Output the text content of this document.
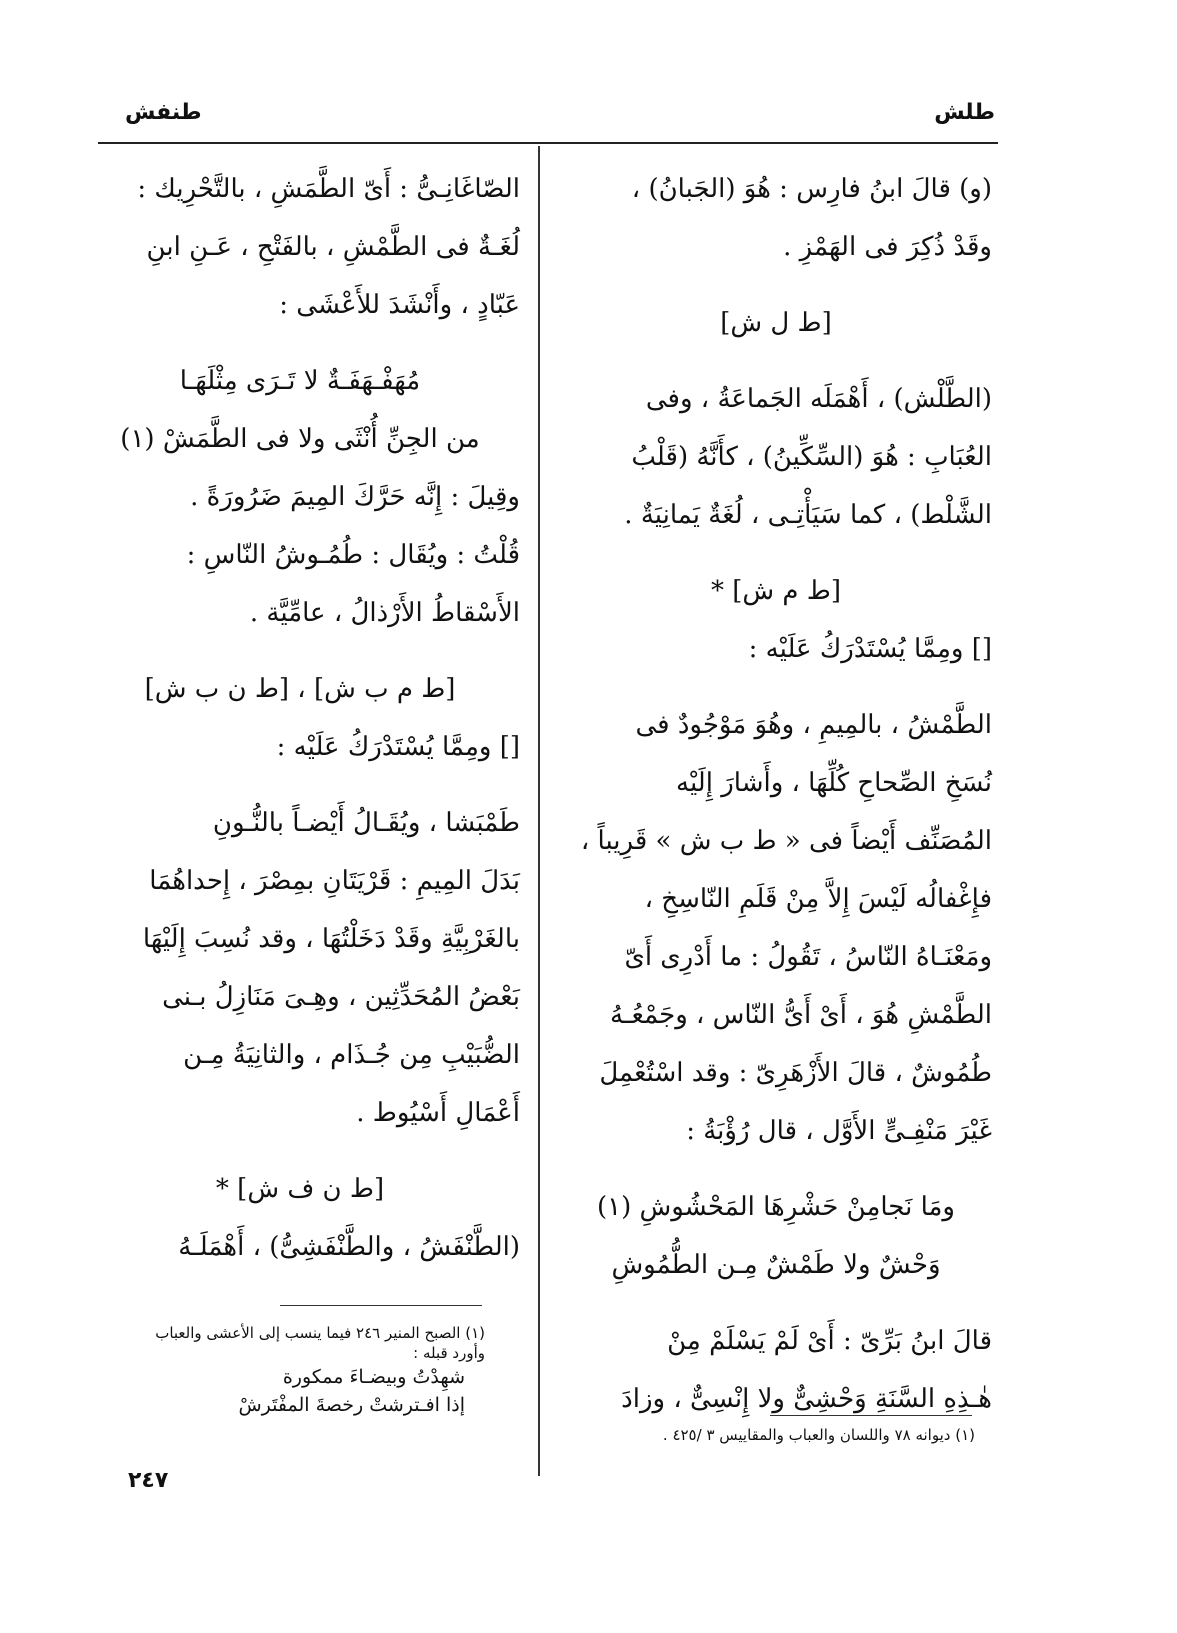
طنفش	طلش

(و) قالَ ابنُ فارِس : هُوَ (الجَبانُ) ،

وقَدْ ذُكِرَ فى الهَمْزِ .

[ط ل ش]

(الطَّلْش) ، أَهْمَلَه الجَماعَةُ ، وفى

العُبَابِ : هُوَ (السِّكِّينُ) ، كأَنَّهُ (قَلْبُ

الشَّلْط) ، كما سَيَأْتِـى ، لُغَةٌ يَمانِيَةٌ .

[ط م ش] *

[] ومِمَّا يُسْتَدْرَكُ عَلَيْه :

الطَّمْشُ ، بالمِيمِ ، وهُوَ مَوْجُودٌ فى

نُسَخِ الصِّحاحِ كُلِّهَا ، وأَشارَ إِلَيْه

المُصَنِّف أَيْضاً فى « ط ب ش » قَرِيباً ،

فإِغْفالُه لَيْسَ إِلاَّ مِنْ قَلَمِ النّاسِخِ ،

ومَعْنَـاهُ النّاسُ ، تَقُولُ : ما أَدْرِى أَىّ

الطَّمْشِ هُوَ ، أَىْ أَىُّ النّاس ، وجَمْعُـهُ

طُمُوشٌ ، قالَ الأَزْهَرِىّ : وقد اسْتُعْمِلَ

غَيْرَ مَنْفِـىٍّ الأَوَّل ، قال رُؤْبَةُ :

ومَا نَجامِنْ حَشْرِهَا المَحْشُوشِ (١)

وَحْشٌ ولا طَمْشٌ مِـن الطُّمُوشِ

قالَ ابنُ بَرِّىّ : أَىْ لَمْ يَسْلَمْ مِنْ

هٰـذِهِ السَّنَةِ وَحْشِىٌّ ولا إِنْسِىٌّ ، وزادَ

الصّاغَانِـىُّ : أَىّ الطَّمَشِ ، بالتَّحْرِيك :

لُغَـةٌ فى الطَّمْشِ ، بالفَتْحِ ، عَـنِ ابنِ

عَبّادٍ ، وأَنْشَدَ للأَعْشَى :

مُهَفْـهَفَـةٌ لا تَـرَى مِثْلَهَـا

من الجِنِّ أُنْثَى ولا فى الطَّمَشْ (١)

وقِيلَ : إِنَّه حَرَّكَ المِيمَ ضَرُورَةً .

قُلْتُ : ويُقَال : طُمُـوشُ النّاسِ :

الأَسْقاطُ الأَرْذالُ ، عامِّيَّة .

[ط م ب ش] ، [ط ن ب ش]

[] ومِمَّا يُسْتَدْرَكُ عَلَيْه :

طَمْبَشا ، ويُقَـالُ أَيْضـاً بالنُّـونِ

بَدَلَ المِيمِ : قَرْيَتَانِ بمِصْرَ ، إِحداهُمَا

بالغَرْبِيَّةِ وقَدْ دَخَلْتُهَا ، وقد نُسِبَ إِلَيْهَا

بَعْضُ المُحَدِّثِين ، وهِـىَ مَنَازِلُ بـنى

الضُّبَيْبِ مِن جُـذَام ، والثانِيَةُ مِـن

أَعْمَالِ أَسْيُوط .

[ط ن ف ش] *

(الطَّنْفَشُ ، والطَّنْفَشِىُّ) ، أَهْمَلَـهُ

(١) الصبح المنير ٢٤٦ فيما ينسب إلى الأعشى والعباب
وأورد قبله :
شهِدْتُ وبيضـاءَ ممكورة
إذا افـترشتْ رخصةَ المفْتَرشْ
(١) ديوانه ٧٨ واللسان والعباب والمقاييس ٣ /٤٢٥ .
٢٤٧
